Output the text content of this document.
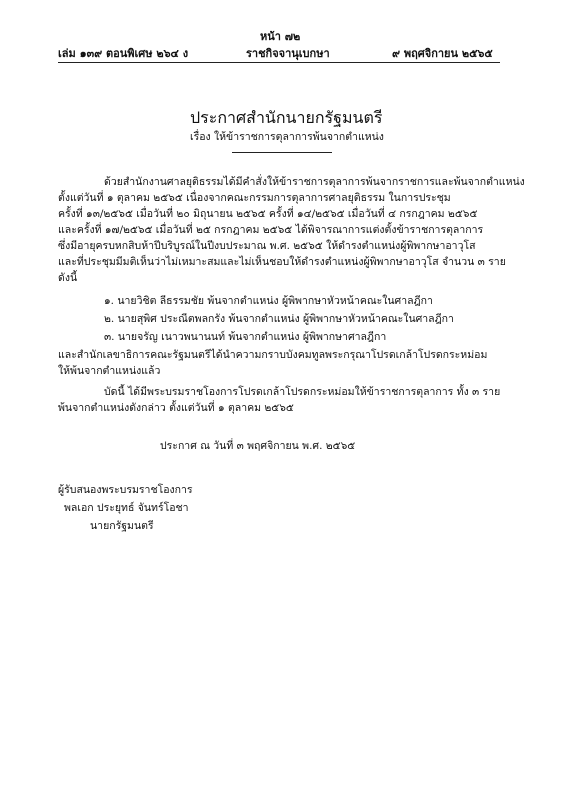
หน้า ๗๒
เล่ม ๑๓๙ ตอนพิเศษ ๒๖๔ ง	ราชกิจจานุเบกษา	๙ พฤศจิกายน ๒๕๖๕
ประกาศสำนักนายกรัฐมนตรี
เรื่อง ให้ข้าราชการตุลาการพ้นจากตำแหน่ง
ด้วยสำนักงานศาลยุติธรรมได้มีคำสั่งให้ข้าราชการตุลาการพ้นจากราชการและพ้นจากตำแหน่ง
ตั้งแต่วันที่ ๑ ตุลาคม ๒๕๖๕ เนื่องจากคณะกรรมการตุลาการศาลยุติธรรม ในการประชุม
ครั้งที่ ๑๓/๒๕๖๕ เมื่อวันที่ ๒๐ มิถุนายน ๒๕๖๕ ครั้งที่ ๑๔/๒๕๖๕ เมื่อวันที่ ๔ กรกฎาคม ๒๕๖๕
และครั้งที่ ๑๗/๒๕๖๕ เมื่อวันที่ ๒๕ กรกฎาคม ๒๕๖๕ ได้พิจารณาการแต่งตั้งข้าราชการตุลาการ
ซึ่งมีอายุครบหกสิบห้าปีบริบูรณ์ในปีงบประมาณ พ.ศ. ๒๕๖๕ ให้ดำรงตำแหน่งผู้พิพากษาอาวุโส
และที่ประชุมมีมติเห็นว่าไม่เหมาะสมและไม่เห็นชอบให้ดำรงตำแหน่งผู้พิพากษาอาวุโส จำนวน ๓ ราย
ดังนี้
๑. นายวิชิต ลีธรรมชัย พ้นจากตำแหน่ง ผู้พิพากษาหัวหน้าคณะในศาลฎีกา
๒. นายสุพิศ ประณีตพลกรัง พ้นจากตำแหน่ง ผู้พิพากษาหัวหน้าคณะในศาลฎีกา
๓. นายจรัญ เนาวพนานนท์ พ้นจากตำแหน่ง ผู้พิพากษาศาลฎีกา
และสำนักเลขาธิการคณะรัฐมนตรีได้นำความกราบบังคมทูลพระกรุณาโปรดเกล้าโปรดกระหม่อม
ให้พ้นจากตำแหน่งแล้ว
บัดนี้ ได้มีพระบรมราชโองการโปรดเกล้าโปรดกระหม่อมให้ข้าราชการตุลาการ ทั้ง ๓ ราย
พ้นจากตำแหน่งดังกล่าว ตั้งแต่วันที่ ๑ ตุลาคม ๒๕๖๕
ประกาศ ณ วันที่ ๓ พฤศจิกายน พ.ศ. ๒๕๖๕
ผู้รับสนองพระบรมราชโองการ
พลเอก ประยุทธ์ จันทร์โอชา
นายกรัฐมนตรี
